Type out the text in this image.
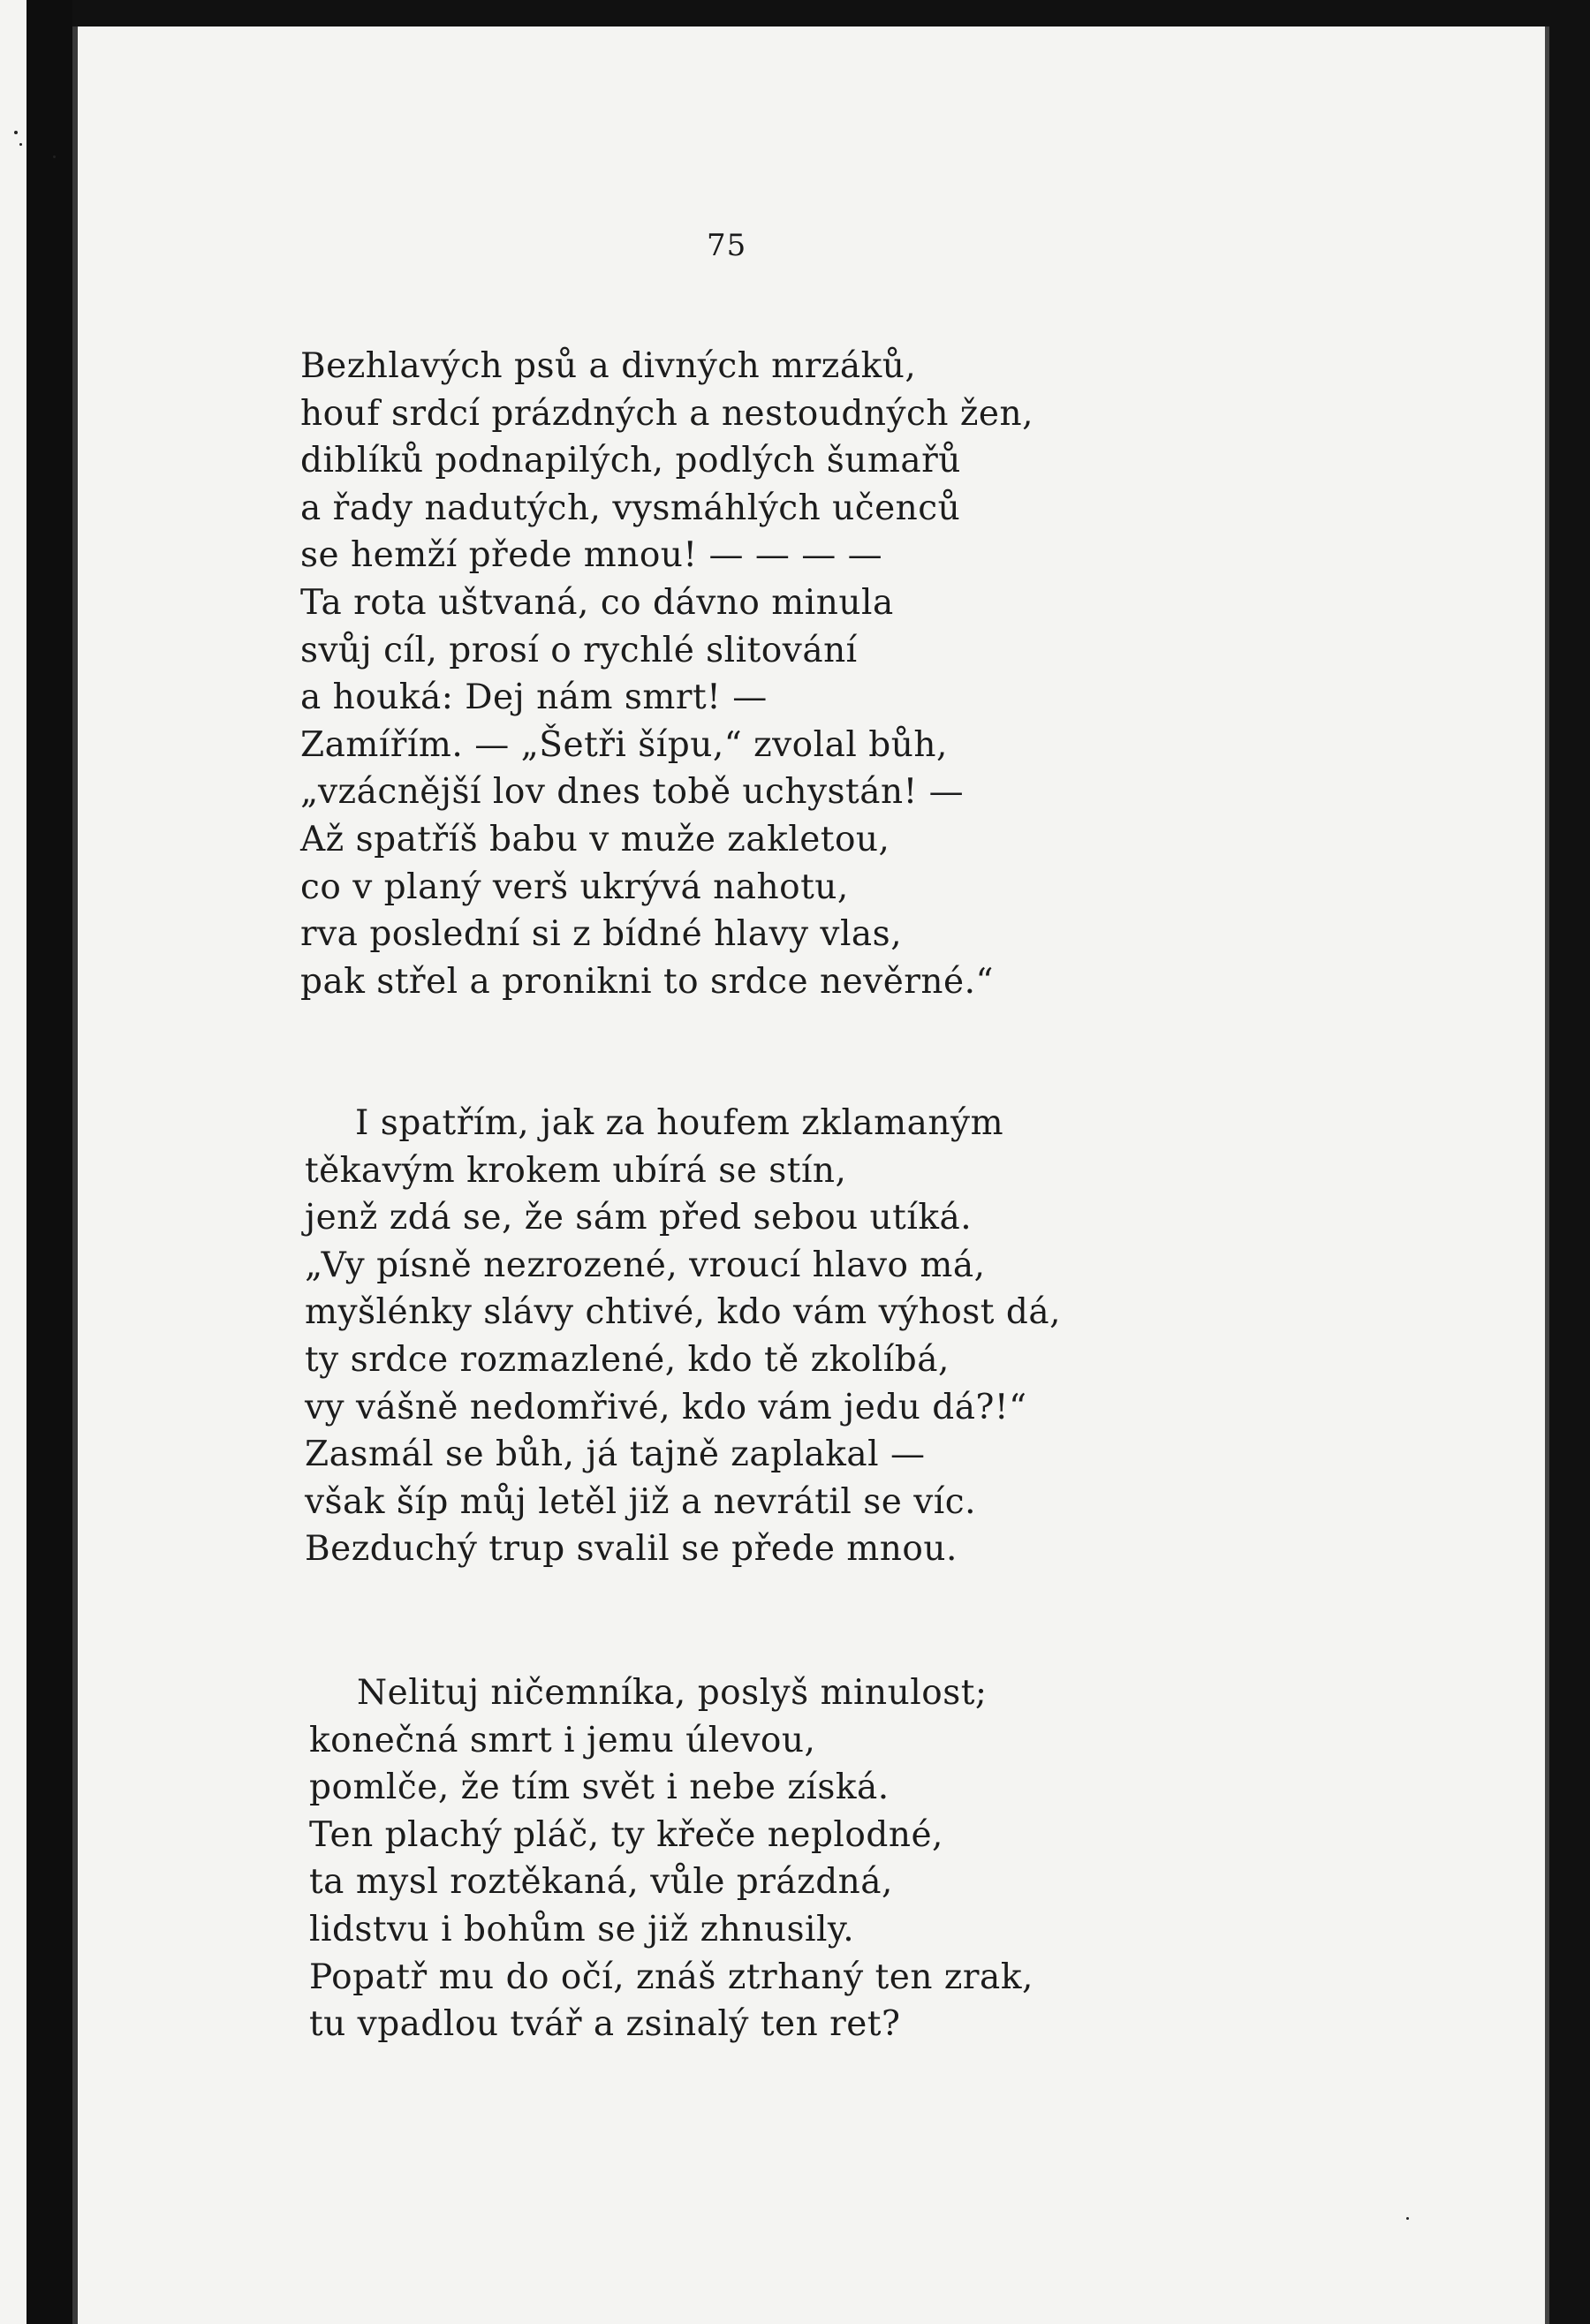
75
Bezhlavých psů a divných mrzáků,
houf srdcí prázdných a nestoudných žen,
diblíků podnapilých, podlých šumařů
a řady nadutých, vysmáhlých učenců
se hemží přede mnou! — — — —
Ta rota uštvaná, co dávno minula
svůj cíl, prosí o rychlé slitování
a houká: Dej nám smrt! —
Zamířím. — „Šetři šípu,“ zvolal bůh,
„vzácnější lov dnes tobě uchystán! —
Až spatříš babu v muže zakletou,
co v planý verš ukrývá nahotu,
rva poslední si z bídné hlavy vlas,
pak střel a pronikni to srdce nevěrné.“
I spatřím, jak za houfem zklamaným
těkavým krokem ubírá se stín,
jenž zdá se, že sám před sebou utíká.
„Vy písně nezrozené, vroucí hlavo má,
myšlénky slávy chtivé, kdo vám výhost dá,
ty srdce rozmazlené, kdo tě zkolíbá,
vy vášně nedomřivé, kdo vám jedu dá?!“
Zasmál se bůh, já tajně zaplakal —
však šíp můj letěl již a nevrátil se víc.
Bezduchý trup svalil se přede mnou.
Nelituj ničemníka, poslyš minulost;
konečná smrt i jemu úlevou,
pomlče, že tím svět i nebe získá.
Ten plachý pláč, ty křeče neplodné,
ta mysl roztěkaná, vůle prázdná,
lidstvu i bohům se již zhnusily.
Popatř mu do očí, znáš ztrhaný ten zrak,
tu vpadlou tvář a zsinalý ten ret?
